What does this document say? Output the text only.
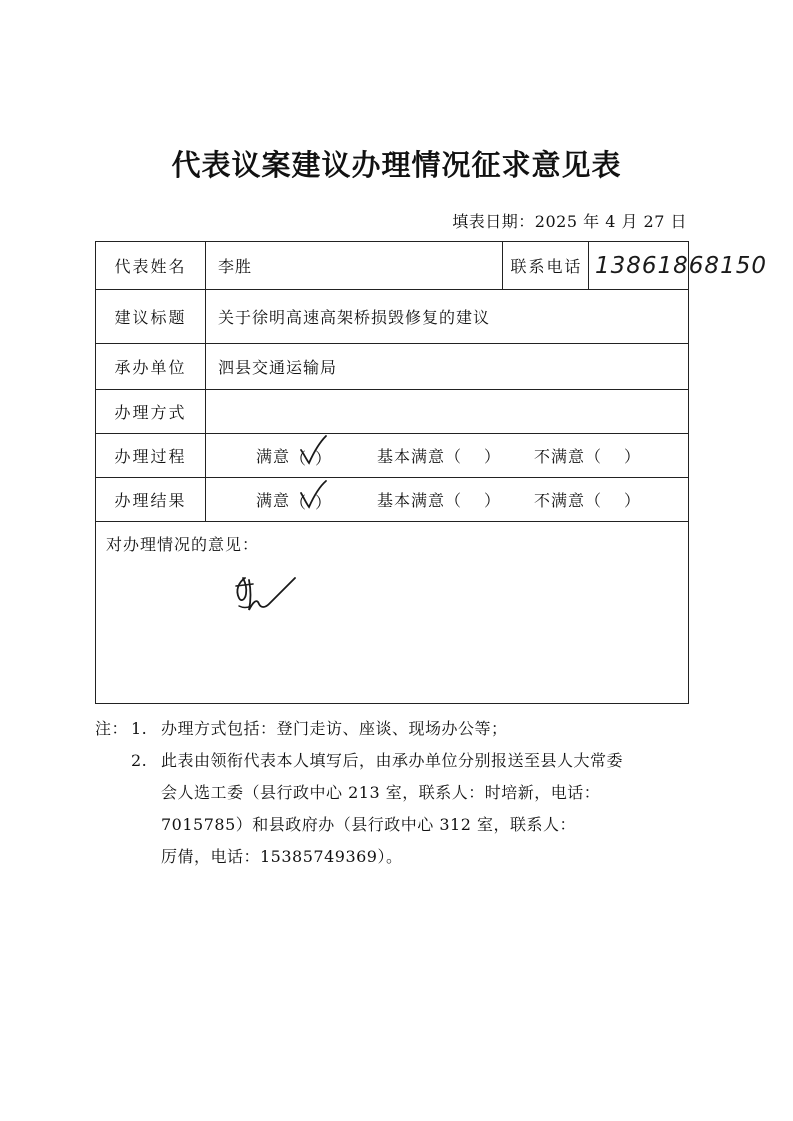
代表议案建议办理情况征求意见表
填表日期：2025 年 4 月 27 日
代表姓名	李胜	联系电话 13861868150
建议标题	关于徐明高速高架桥损毁修复的建议
承办单位	泗县交通运输局
办理方式
办理过程	满意 （ ）	基本满意 （ ） 不满意 （ ）
办理结果	满意 （ ）	基本满意 （ ） 不满意 （ ）
对办理情况的意见：
注： 1. 办理方式包括：登门走访、座谈、现场办公等；
2. 此表由领衔代表本人填写后，由承办单位分别报送至县人大常委
会人选工委（县行政中心 213 室，联系人：时培新，电话：
7015785）和县政府办（县行政中心 312 室，联系人：
厉倩，电话：15385749369）。
